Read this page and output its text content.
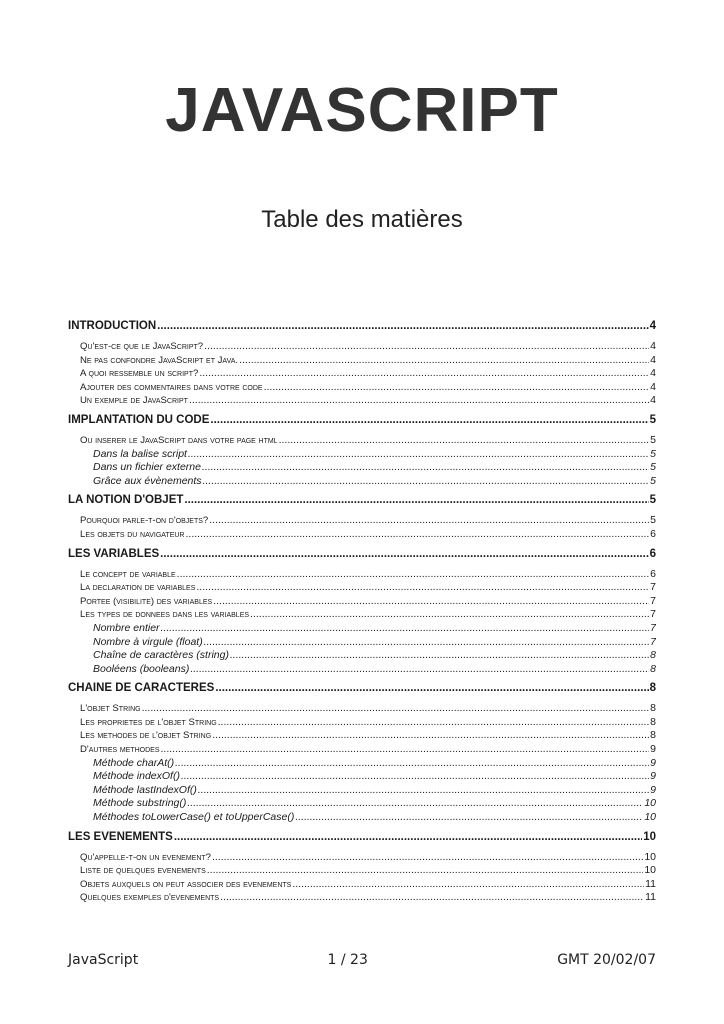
JAVASCRIPT
Table des matières
INTRODUCTION .....	4
Qu'est-ce que le JavaScript? .....	4
Ne pas confondre JavaScript et Java. .....	4
A quoi ressemble un script? .....	4
Ajouter des commentaires dans votre code .....	4
Un exemple de JavaScript .....	4
IMPLANTATION DU CODE .....	5
Ou inserer le JavaScript dans votre page html .....	5
Dans la balise script .....	5
Dans un fichier externe .....	5
Grâce aux évènements .....	5
LA NOTION D'OBJET .....	5
Pourquoi parle-t-on d'objets? .....	5
Les objets du navigateur .....	6
LES VARIABLES .....	6
Le concept de variable .....	6
La declaration de variables .....	7
Portee (visibilite) des variables .....	7
Les types de donnees dans les variables .....	7
Nombre entier .....	7
Nombre à virgule (float) .....	7
Chaîne de caractères (string) .....	8
Booléens (booleans) .....	8
CHAINE DE CARACTERES .....	8
L'objet String .....	8
Les proprietes de l'objet String .....	8
Les methodes de l'objet String .....	8
D'autres methodes .....	9
Méthode charAt() .....	9
Méthode indexOf() .....	9
Méthode lastIndexOf() .....	9
Méthode substring() .....	10
Méthodes toLowerCase() et toUpperCase() .....	10
LES EVENEMENTS .....	10
Qu'appelle-t-on un evenement? .....	10
Liste de quelques evenements .....	10
Objets auxquels on peut associer des evenements .....	11
Quelques exemples d'evenements .....	11
JavaScript	1 / 23	GMT 20/02/07
